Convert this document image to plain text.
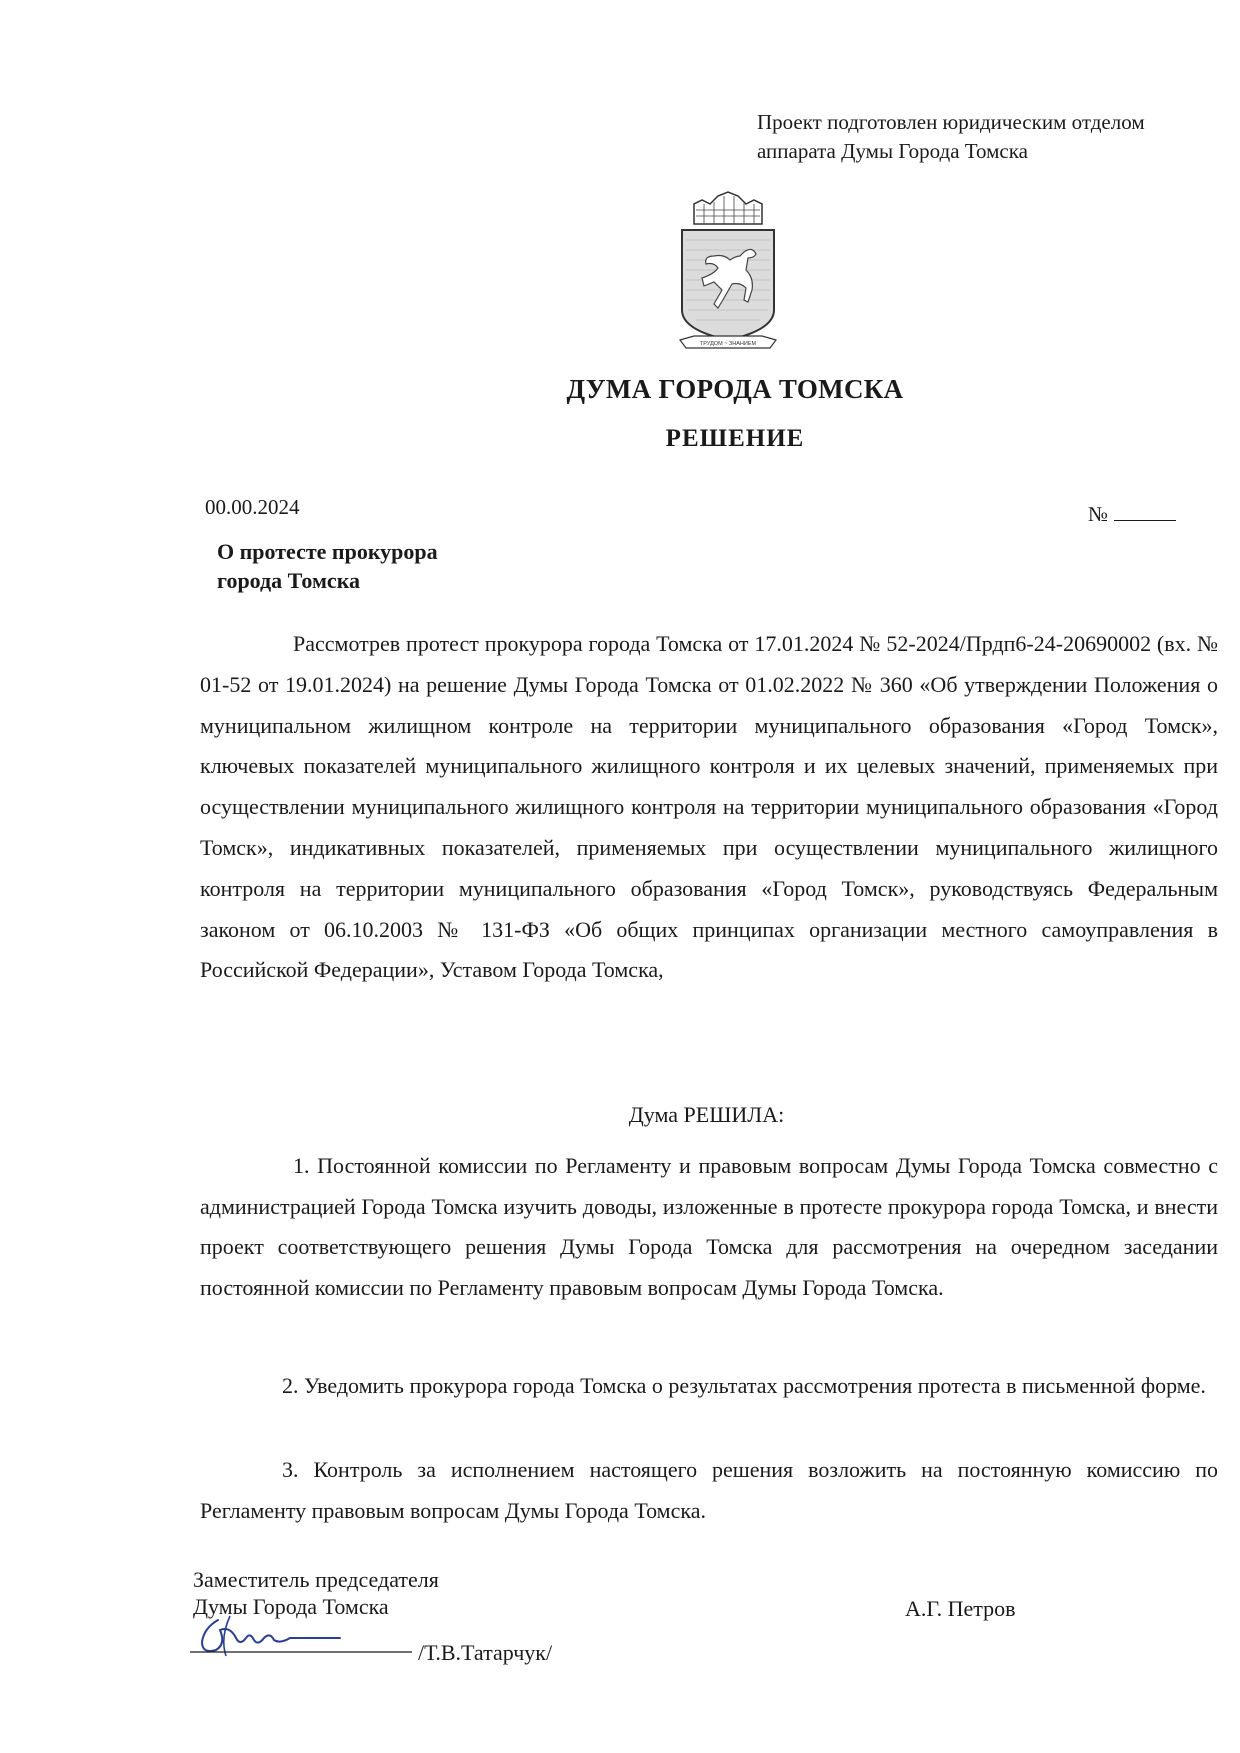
Проект подготовлен юридическим отделом
аппарата Думы Города Томска
ТРУДОМ ~ ЗНАНИЕМ
ДУМА ГОРОДА ТОМСКА
РЕШЕНИЕ
00.00.2024	№
О протесте прокурора
города Томска
Рассмотрев протест прокурора города Томска от 17.01.2024 № 52-2024/Прдп6-24-20690002 (вх. № 01-52 от 19.01.2024) на решение Думы Города Томска от 01.02.2022 № 360 «Об утверждении Положения о муниципальном жилищном контроле на территории муниципального образования «Город Томск», ключевых показателей муниципального жилищного контроля и их целевых значений, применяемых при осуществлении муниципального жилищного контроля на территории муниципального образования «Город Томск», индикативных показателей, применяемых при осуществлении муниципального жилищного контроля на территории муниципального образования «Город Томск», руководствуясь Федеральным законом от 06.10.2003 № 131-ФЗ «Об общих принципах организации местного самоуправления в Российской Федерации», Уставом Города Томска,
Дума РЕШИЛА:
1. Постоянной комиссии по Регламенту и правовым вопросам Думы Города Томска совместно с администрацией Города Томска изучить доводы, изложенные в протесте прокурора города Томска, и внести проект соответствующего решения Думы Города Томска для рассмотрения на очередном заседании постоянной комиссии по Регламенту правовым вопросам Думы Города Томска.
2. Уведомить прокурора города Томска о результатах рассмотрения протеста в письменной форме.
3. Контроль за исполнением настоящего решения возложить на постоянную комиссию по Регламенту правовым вопросам Думы Города Томска.
Заместитель председателя
Думы Города Томска	А.Г. Петров
/Т.В.Татарчук/
